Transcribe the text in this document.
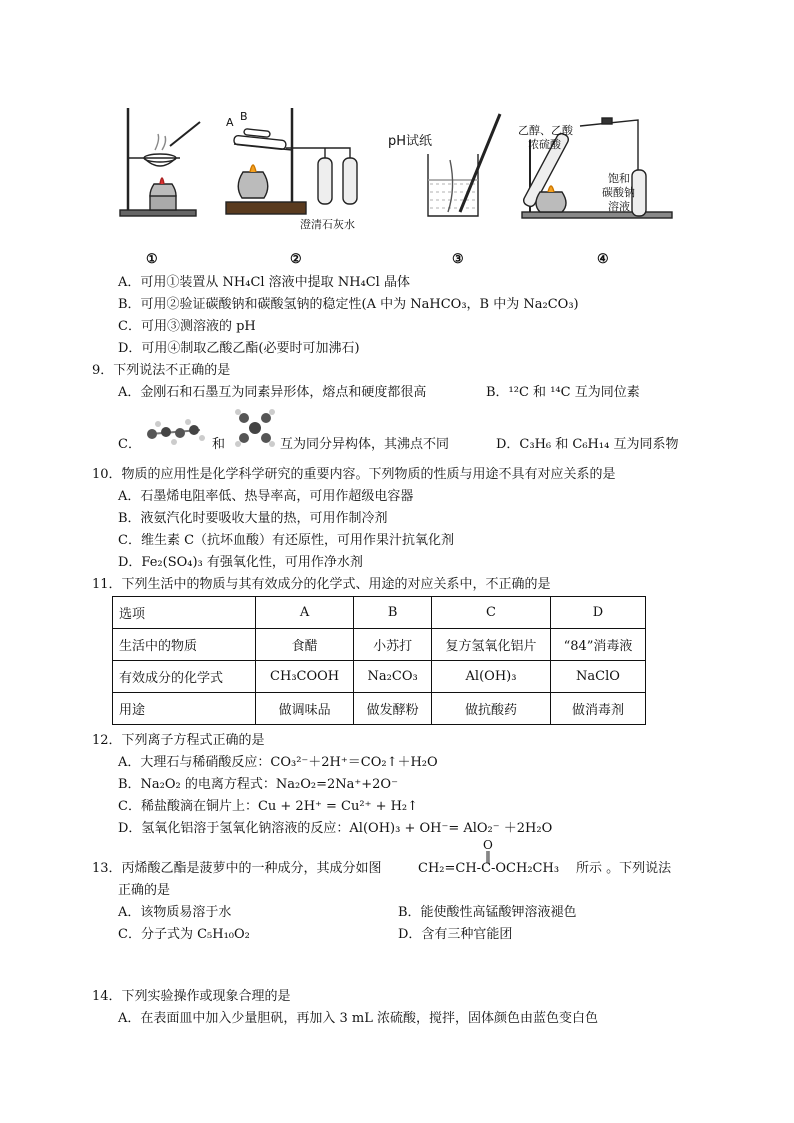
A B
澄清石灰水
pH试纸
乙醇、乙酸
浓硫酸
饱和
碳酸钠
溶液
①	②	③	④
A．可用①装置从 NH₄Cl 溶液中提取 NH₄Cl 晶体
B．可用②验证碳酸钠和碳酸氢钠的稳定性(A 中为 NaHCO₃，B 中为 Na₂CO₃)
C．可用③测溶液的 pH
D．可用④制取乙酸乙酯(必要时可加沸石)
9．下列说法不正确的是
A．金刚石和石墨互为同素异形体，熔点和硬度都很高	B．¹²C 和 ¹⁴C 互为同位素
C．	和	互为同分异构体，其沸点不同	D．C₃H₆ 和 C₆H₁₄ 互为同系物
10．物质的应用性是化学科学研究的重要内容。下列物质的性质与用途不具有对应关系的是
A．石墨烯电阻率低、热导率高，可用作超级电容器
B．液氨汽化时要吸收大量的热，可用作制冷剂
C．维生素 C（抗坏血酸）有还原性，可用作果汁抗氧化剂
D．Fe₂(SO₄)₃ 有强氧化性，可用作净水剂
11．下列生活中的物质与其有效成分的化学式、用途的对应关系中，不正确的是
选项	A	B	C	D
生活中的物质	食醋	小苏打	复方氢氧化铝片	“84”消毒液
有效成分的化学式	CH₃COOH	Na₂CO₃	Al(OH)₃	NaClO
用途	做调味品	做发酵粉	做抗酸药	做消毒剂
12．下列离子方程式正确的是
A．大理石与稀硝酸反应：CO₃²⁻＋2H⁺＝CO₂↑＋H₂O
B．Na₂O₂ 的电离方程式：Na₂O₂=2Na⁺+2O⁻
C．稀盐酸滴在铜片上：Cu + 2H⁺ = Cu²⁺ + H₂↑
D．氢氧化铝溶于氢氧化钠溶液的反应：Al(OH)₃ + OH⁻= AlO₂⁻ ＋2H₂O
13．丙烯酸乙酯是菠萝中的一种成分，其成分如图
O
‖
CH₂=CH-C-OCH₂CH₃ 所示 。下列说法
正确的是
A．该物质易溶于水	B．能使酸性高锰酸钾溶液褪色
C．分子式为 C₅H₁₀O₂	D．含有三种官能团
14．下列实验操作或现象合理的是
A．在表面皿中加入少量胆矾，再加入 3 mL 浓硫酸，搅拌，固体颜色由蓝色变白色
